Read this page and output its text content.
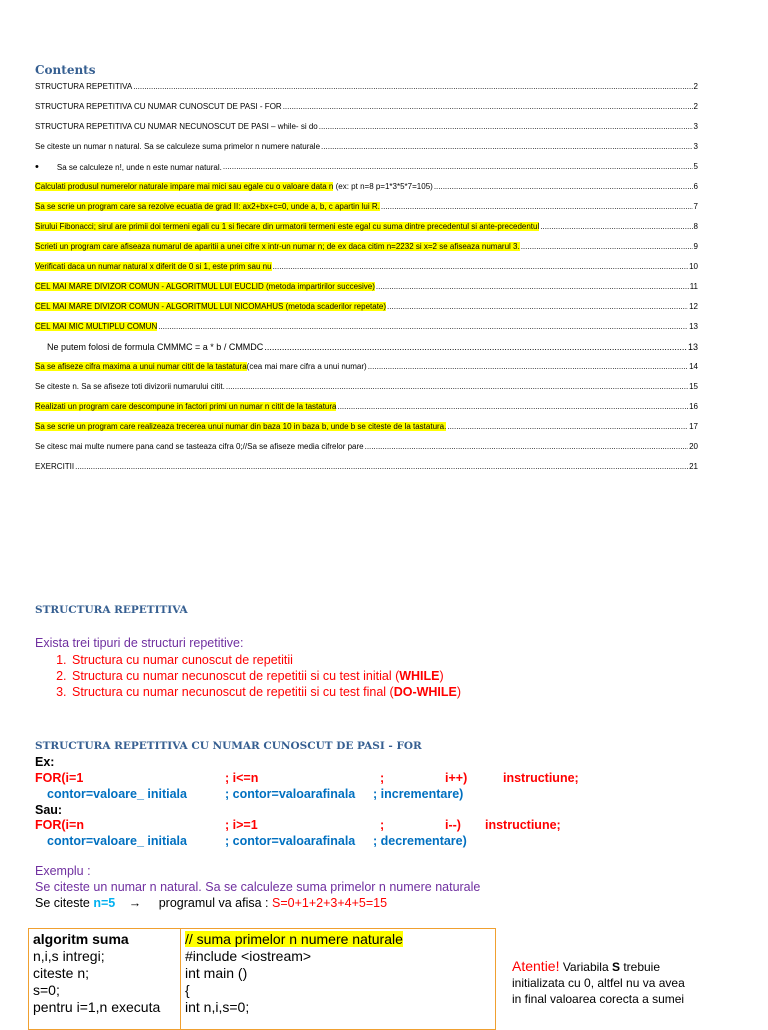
Contents
STRUCTURA REPETITIVA .....	2
STRUCTURA REPETITIVA CU NUMAR CUNOSCUT DE PASI - FOR .....	2
STRUCTURA REPETITIVA CU NUMAR NECUNOSCUT DE PASI – while- si do .....	3
Se citeste un numar n natural. Sa se calculeze suma primelor n numere naturale .....	3
• Sa se calculeze n!, unde n este numar natural. .....	5
Calculati produsul numerelor naturale impare mai mici sau egale cu o valoare data n (ex: pt n=8 p=1*3*5*7=105) .....	6
Sa se scrie un program care sa rezolve ecuatia de grad II: ax2+bx+c=0, unde a, b, c apartin lui R. .....	7
Sirului Fibonacci; sirul are primii doi termeni egali cu 1 si fiecare din urmatorii termeni este egal cu suma dintre precedentul si ante-precedentul .....	8
Scrieti un program care afiseaza numarul de aparitii a unei cifre x intr-un numar n; de ex daca citim n=2232 si x=2 se afiseaza numarul 3. .....	9
Verificati daca un numar natural x diferit de 0 si 1, este prim sau nu .....	10
CEL MAI MARE DIVIZOR COMUN - ALGORITMUL LUI EUCLID (metoda impartirilor succesive) .....	11
CEL MAI MARE DIVIZOR COMUN - ALGORITMUL LUI NICOMAHUS (metoda scaderilor repetate) .....	12
CEL MAI MIC MULTIPLU COMUN .....	13
Ne putem folosi de formula CMMMC = a * b / CMMDC .....	13
Sa se afiseze cifra maxima a unui numar citit de la tastatura(cea mai mare cifra a unui numar) .....	14
Se citeste n. Sa se afiseze toti divizorii numarului citit. .....	15
Realizati un program care descompune in factori primi un numar n citit de la tastatura .....	16
Sa se scrie un program care realizeaza trecerea unui numar din baza 10 in baza b, unde b se citeste de la tastatura. .....	17
Se citesc mai multe numere pana cand se tasteaza cifra 0;//Sa se afiseze media cifrelor pare .....	20
EXERCITII .....	21
STRUCTURA REPETITIVA
Exista trei tipuri de structuri repetitive:
1. Structura cu numar cunoscut de repetitii
2. Structura cu numar necunoscut de repetitii si cu test initial (WHILE)
3. Structura cu numar necunoscut de repetitii si cu test final (DO-WHILE)
STRUCTURA REPETITIVA CU NUMAR CUNOSCUT DE PASI - FOR
Ex:
FOR(i=1	; i<=n	;	i++)	instructiune;
contor=valoare_ initiala	; contor=valoarafinala ; incrementare)
Sau:
FOR(i=n	; i>=1	;	i--) instructiune;
contor=valoare_ initiala	; contor=valoarafinala ; decrementare)
Exemplu :
Se citeste un numar n natural. Sa se calculeze suma primelor n numere naturale
Se citeste n=5 → programul va afisa : S=0+1+2+3+4+5=15
algoritm suma
n,i,s intregi;
citeste n;
s=0;
pentru i=1,n executa

// suma primelor n numere naturale
#include <iostream>
int main ()
{
int n,i,s=0;
Atentie! Variabila S trebuie initializata cu 0, altfel nu va avea in final valoarea corecta a sumei
